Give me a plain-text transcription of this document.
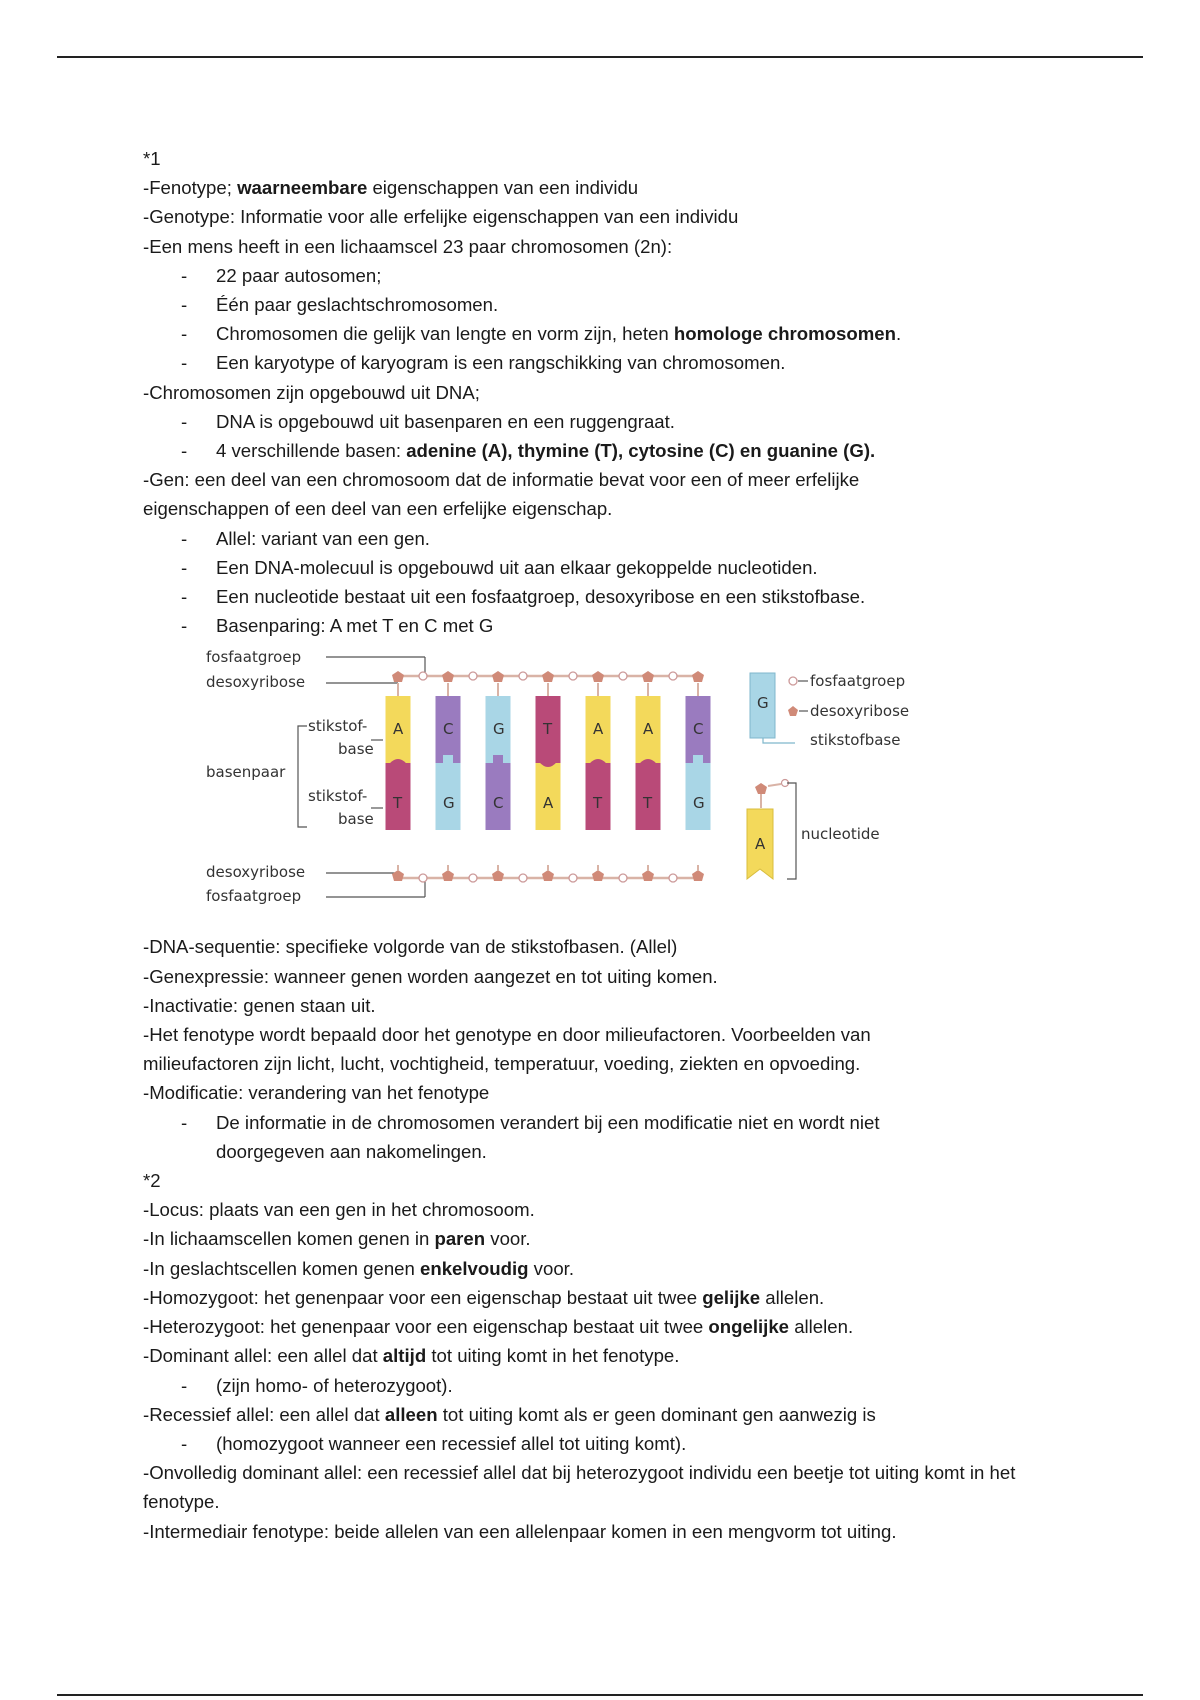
*1
-Fenotype; waarneembare eigenschappen van een individu
-Genotype: Informatie voor alle erfelijke eigenschappen van een individu
-Een mens heeft in een lichaamscel 23 paar chromosomen (2n):
- 22 paar autosomen;
- Één paar geslachtschromosomen.
- Chromosomen die gelijk van lengte en vorm zijn, heten homologe chromosomen.
- Een karyotype of karyogram is een rangschikking van chromosomen.
-Chromosomen zijn opgebouwd uit DNA;
- DNA is opgebouwd uit basenparen en een ruggengraat.
- 4 verschillende basen: adenine (A), thymine (T), cytosine (C) en guanine (G).
-Gen: een deel van een chromosoom dat de informatie bevat voor een of meer erfelijke eigenschappen of een deel van een erfelijke eigenschap.
- Allel: variant van een gen.
- Een DNA-molecuul is opgebouwd uit aan elkaar gekoppelde nucleotiden.
- Een nucleotide bestaat uit een fosfaatgroep, desoxyribose en een stikstofbase.
- Basenparing: A met T en C met G
fosfaatgroep
desoxyribose
stikstof-
base
basenpaar
stikstof-
base
desoxyribose
fosfaatgroep
A
T
C
G
G
C
T
A
A
T
A
T
C
G
G
fosfaatgroep
desoxyribose
stikstofbase
A
nucleotide
-DNA-sequentie: specifieke volgorde van de stikstofbasen. (Allel)
-Genexpressie: wanneer genen worden aangezet en tot uiting komen.
-Inactivatie: genen staan uit.
-Het fenotype wordt bepaald door het genotype en door milieufactoren. Voorbeelden van milieufactoren zijn licht, lucht, vochtigheid, temperatuur, voeding, ziekten en opvoeding.
-Modificatie: verandering van het fenotype
- De informatie in de chromosomen verandert bij een modificatie niet en wordt niet doorgegeven aan nakomelingen.
*2
-Locus: plaats van een gen in het chromosoom.
-In lichaamscellen komen genen in paren voor.
-In geslachtscellen komen genen enkelvoudig voor.
-Homozygoot: het genenpaar voor een eigenschap bestaat uit twee gelijke allelen.
-Heterozygoot: het genenpaar voor een eigenschap bestaat uit twee ongelijke allelen.
-Dominant allel: een allel dat altijd tot uiting komt in het fenotype.
- (zijn homo- of heterozygoot).
-Recessief allel: een allel dat alleen tot uiting komt als er geen dominant gen aanwezig is
- (homozygoot wanneer een recessief allel tot uiting komt).
-Onvolledig dominant allel: een recessief allel dat bij heterozygoot individu een beetje tot uiting komt in het fenotype.
-Intermediair fenotype: beide allelen van een allelenpaar komen in een mengvorm tot uiting.
